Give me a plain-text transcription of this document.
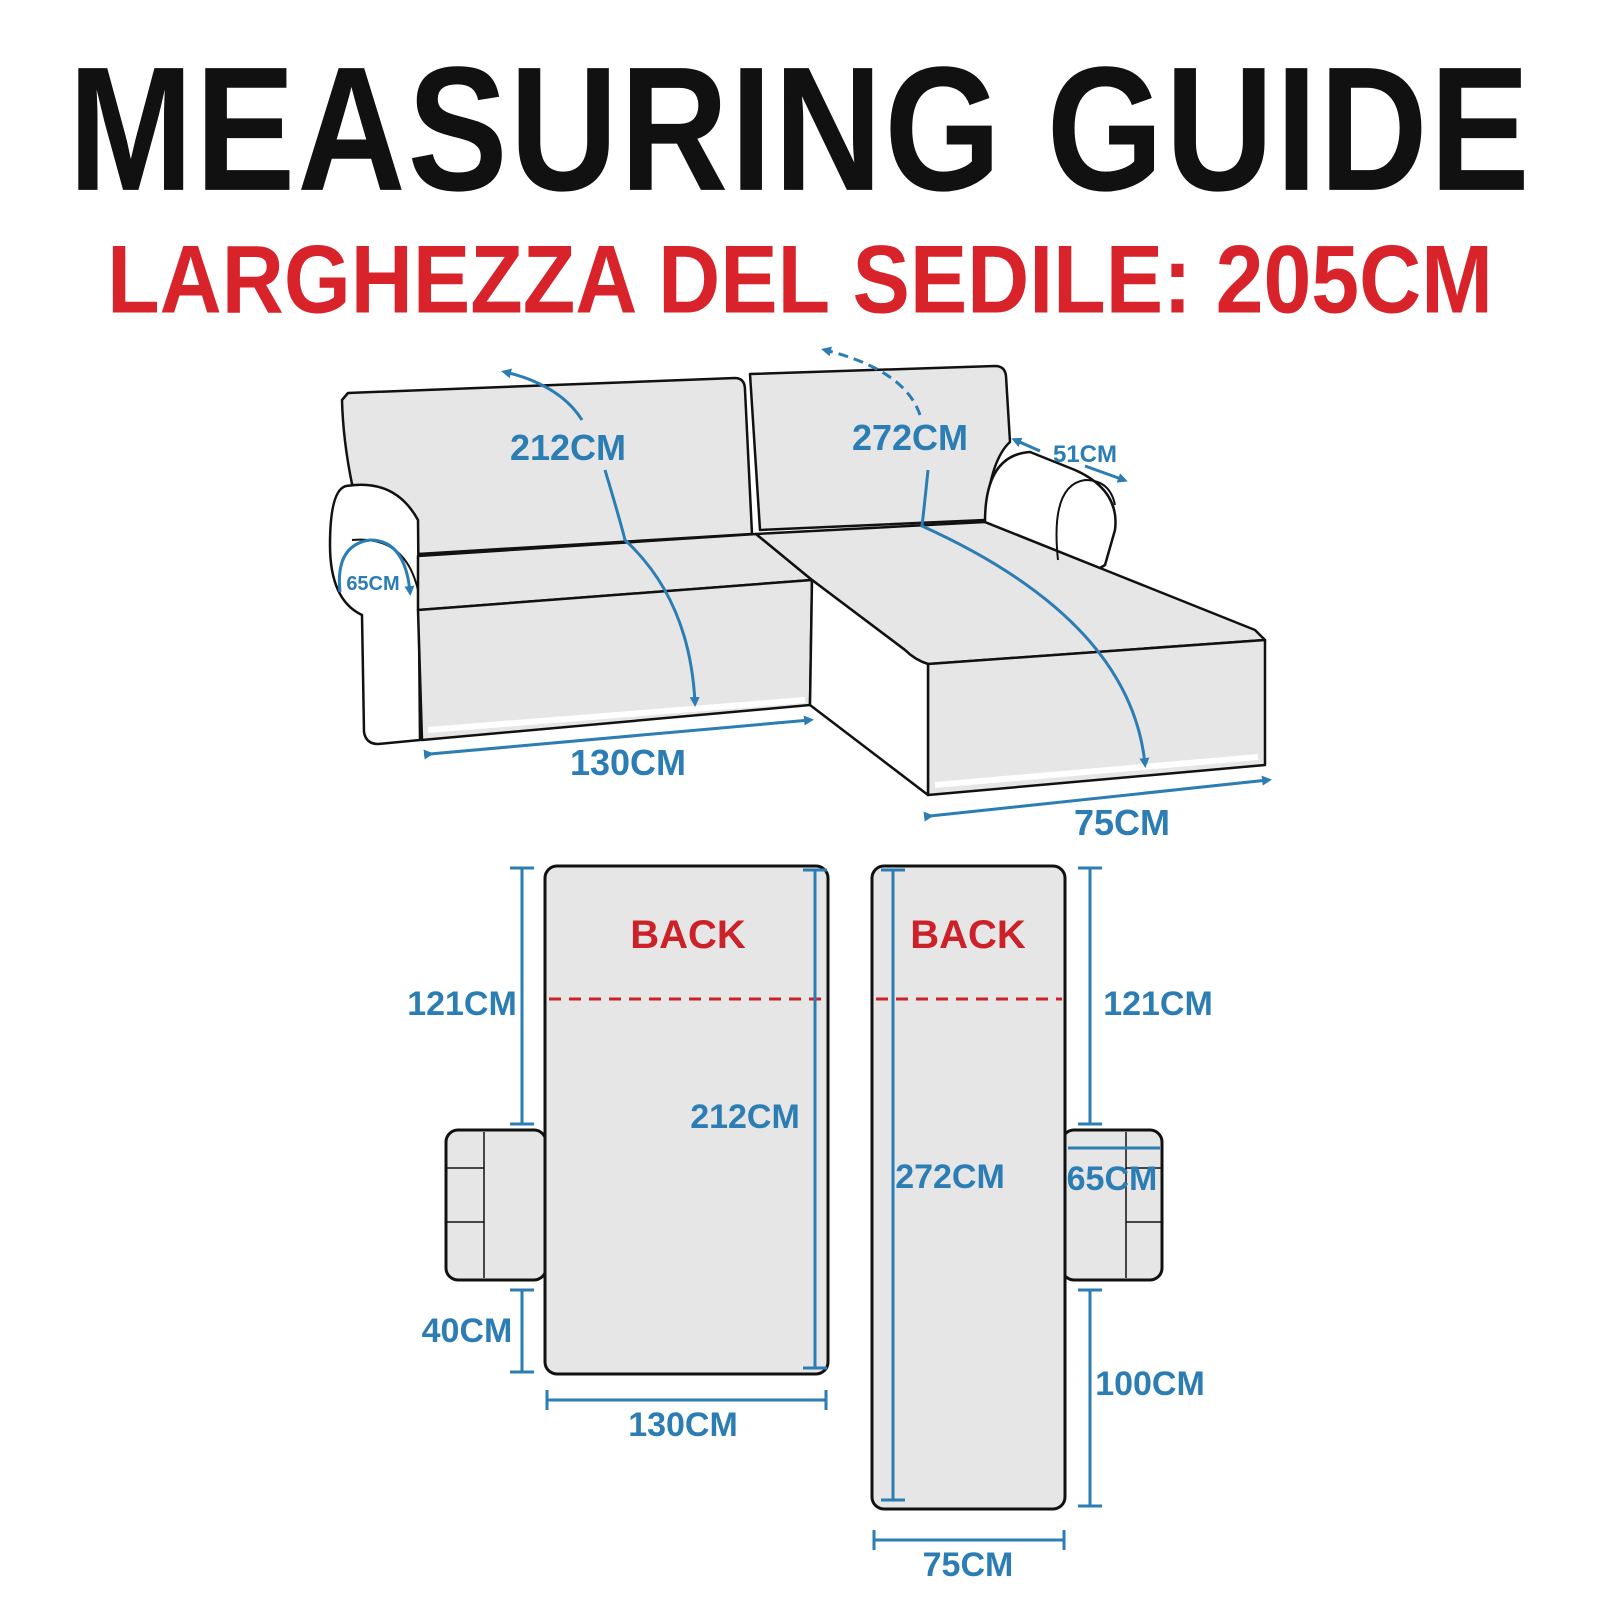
MEASURING GUIDE
LARGHEZZA DEL SEDILE: 205CM
212CM	272CM	51CM
65CM
130CM
75CM
BACK
121CM
212CM
40CM
130CM
BACK
121CM
272CM 65CM
100CM
75CM
